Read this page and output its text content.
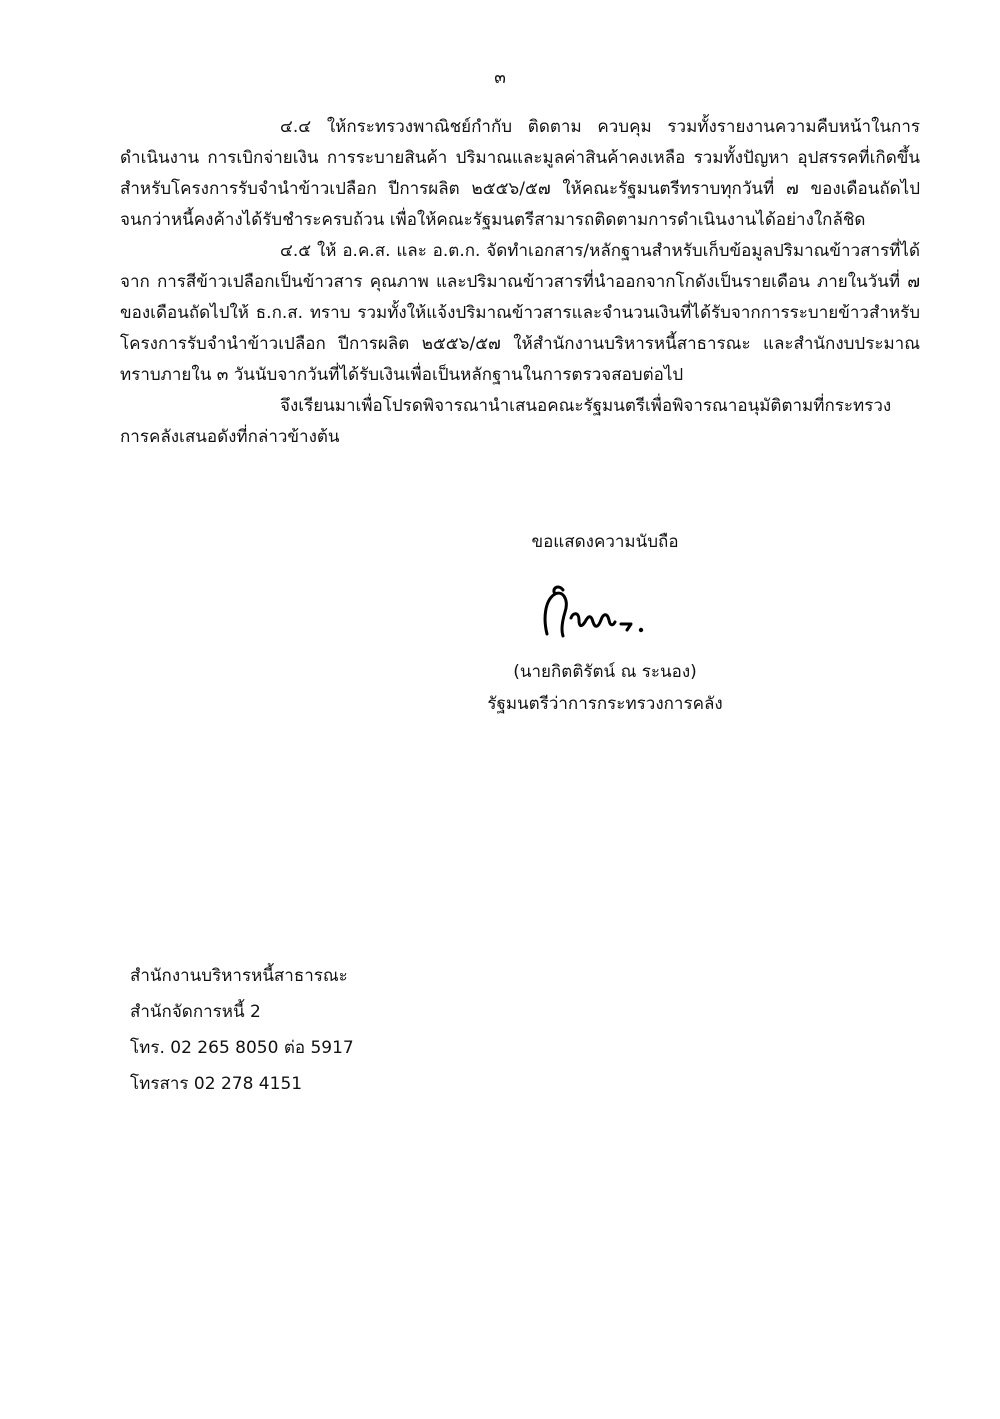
๓

๔.๔ ให้กระทรวงพาณิชย์กำกับ ติดตาม ควบคุม รวมทั้งรายงานความคืบหน้าในการดำเนินงาน การเบิกจ่ายเงิน การระบายสินค้า ปริมาณและมูลค่าสินค้าคงเหลือ รวมทั้งปัญหา อุปสรรคที่เกิดขึ้น สำหรับโครงการรับจำนำข้าวเปลือก ปีการผลิต ๒๕๕๖/๕๗ ให้คณะรัฐมนตรีทราบทุกวันที่ ๗ ของเดือนถัดไป จนกว่าหนี้คงค้างได้รับชำระครบถ้วน เพื่อให้คณะรัฐมนตรีสามารถติดตามการดำเนินงานได้อย่างใกล้ชิด

๔.๕ ให้ อ.ค.ส. และ อ.ต.ก. จัดทำเอกสาร/หลักฐานสำหรับเก็บข้อมูลปริมาณข้าวสารที่ได้จาก การสีข้าวเปลือกเป็นข้าวสาร คุณภาพ และปริมาณข้าวสารที่นำออกจากโกดังเป็นรายเดือน ภายในวันที่ ๗ ของเดือนถัดไปให้ ธ.ก.ส. ทราบ รวมทั้งให้แจ้งปริมาณข้าวสารและจำนวนเงินที่ได้รับจากการระบายข้าวสำหรับโครงการรับจำนำข้าวเปลือก ปีการผลิต ๒๕๕๖/๕๗ ให้สำนักงานบริหารหนี้สาธารณะ และสำนักงบประมาณทราบภายใน ๓ วันนับจากวันที่ได้รับเงินเพื่อเป็นหลักฐานในการตรวจสอบต่อไป

จึงเรียนมาเพื่อโปรดพิจารณานำเสนอคณะรัฐมนตรีเพื่อพิจารณาอนุมัติตามที่กระทรวงการคลังเสนอดังที่กล่าวข้างต้น

ขอแสดงความนับถือ
(นายกิตติรัตน์ ณ ระนอง)
รัฐมนตรีว่าการกระทรวงการคลัง
สำนักงานบริหารหนี้สาธารณะ
สำนักจัดการหนี้ 2
โทร. 02 265 8050 ต่อ 5917
โทรสาร 02 278 4151
